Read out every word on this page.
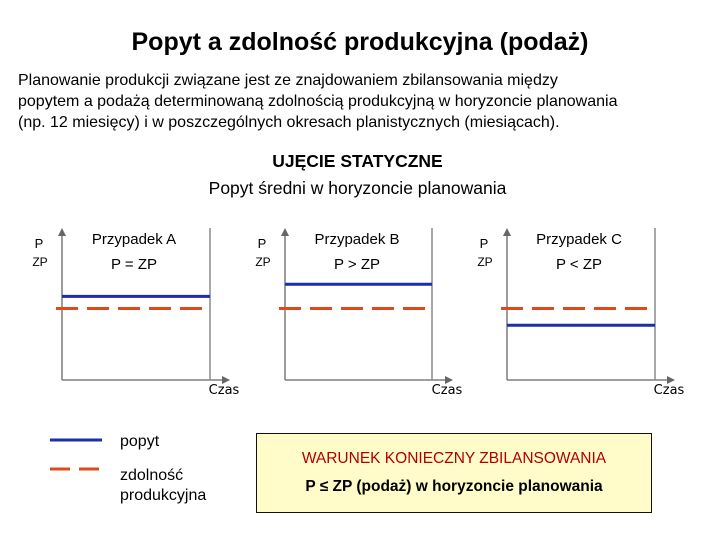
Popyt a zdolność produkcyjna (podaż)
Planowanie produkcji związane jest ze znajdowaniem zbilansowania między
popytem a podażą determinowaną zdolnością produkcyjną w horyzoncie planowania
(np. 12 miesięcy) i w poszczególnych okresach planistycznych (miesiącach).
UJĘCIE STATYCZNE
Popyt średni w horyzoncie planowania
P
ZP
Przypadek A
P = ZP
Czas
P
ZP
Przypadek B
P > ZP
Czas
P
ZP
Przypadek C
P < ZP
Czas
WARUNEK KONIECZNY ZBILANSOWANIA
P ≤ ZP (podaż) w horyzoncie planowania
popyt
zdolność
produkcyjna
